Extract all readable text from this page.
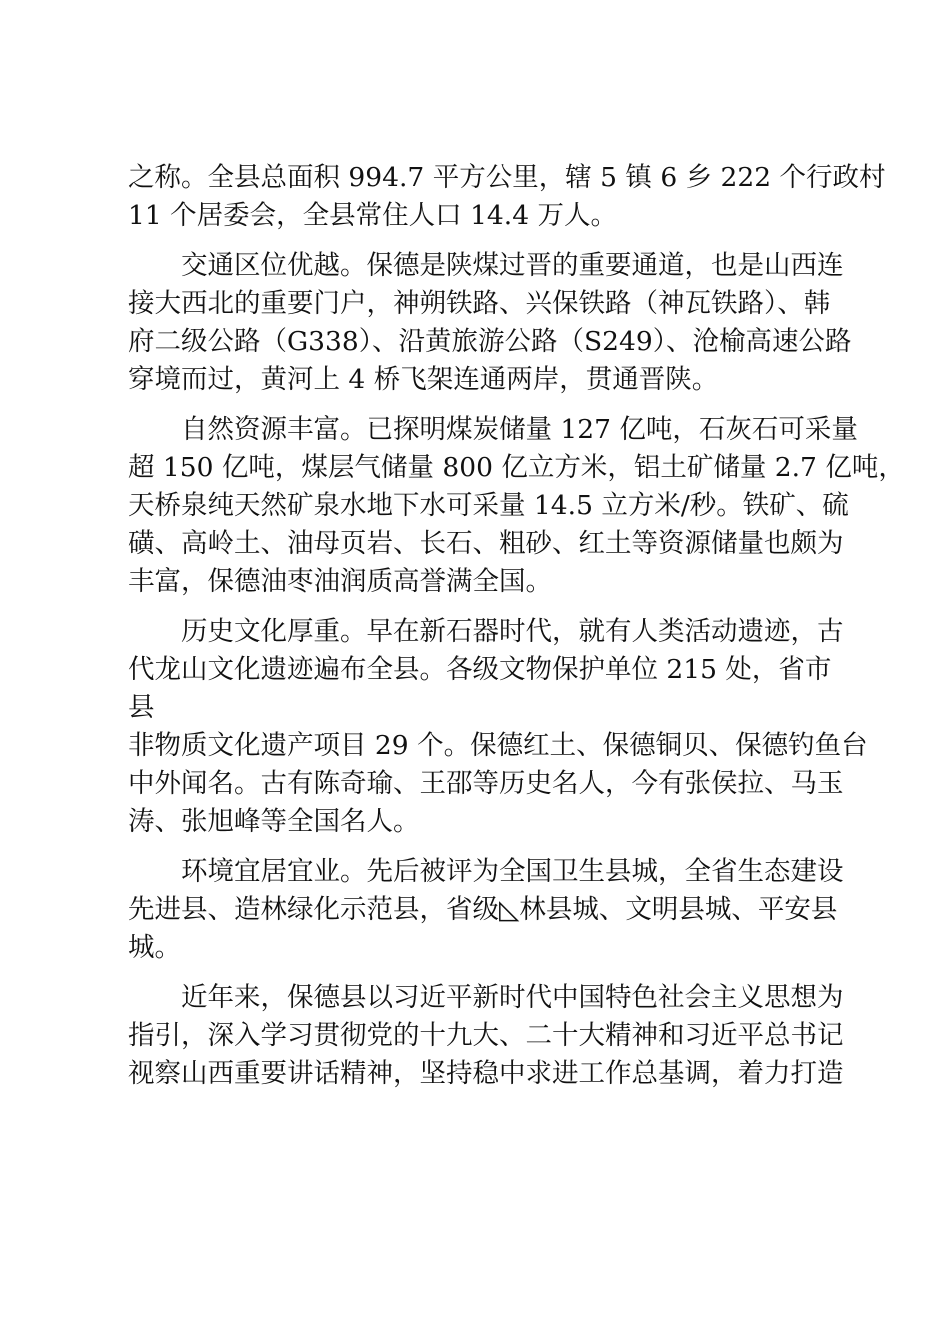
之称。全县总面积 994.7 平方公里，辖 5 镇 6 乡 222 个行政村
11 个居委会，全县常住人口 14.4 万人。
　　交通区位优越。保德是陕煤过晋的重要通道，也是山西连
接大西北的重要门户，神朔铁路、兴保铁路（神瓦铁路）、韩
府二级公路（G338）、沿黄旅游公路（S249）、沧榆高速公路
穿境而过，黄河上 4 桥飞架连通两岸，贯通晋陕。
　　自然资源丰富。已探明煤炭储量 127 亿吨，石灰石可采量
超 150 亿吨，煤层气储量 800 亿立方米，铝土矿储量 2.7 亿吨，
天桥泉纯天然矿泉水地下水可采量 14.5 立方米/秒。铁矿、硫
磺、高岭土、油母页岩、长石、粗砂、红土等资源储量也颇为
丰富，保德油枣油润质高誉满全国。
　　历史文化厚重。早在新石器时代，就有人类活动遗迹，古
代龙山文化遗迹遍布全县。各级文物保护单位 215 处，省市
县
非物质文化遗产项目 29 个。保德红土、保德铜贝、保德钓鱼台
中外闻名。古有陈奇瑜、王邵等历史名人，今有张侯拉、马玉
涛、张旭峰等全国名人。
　　环境宜居宜业。先后被评为全国卫生县城，全省生态建设
先进县、造林绿化示范县，省级◺林县城、文明县城、平安县
城。
　　近年来，保德县以习近平新时代中国特色社会主义思想为
指引，深入学习贯彻党的十九大、二十大精神和习近平总书记
视察山西重要讲话精神，坚持稳中求进工作总基调，着力打造
